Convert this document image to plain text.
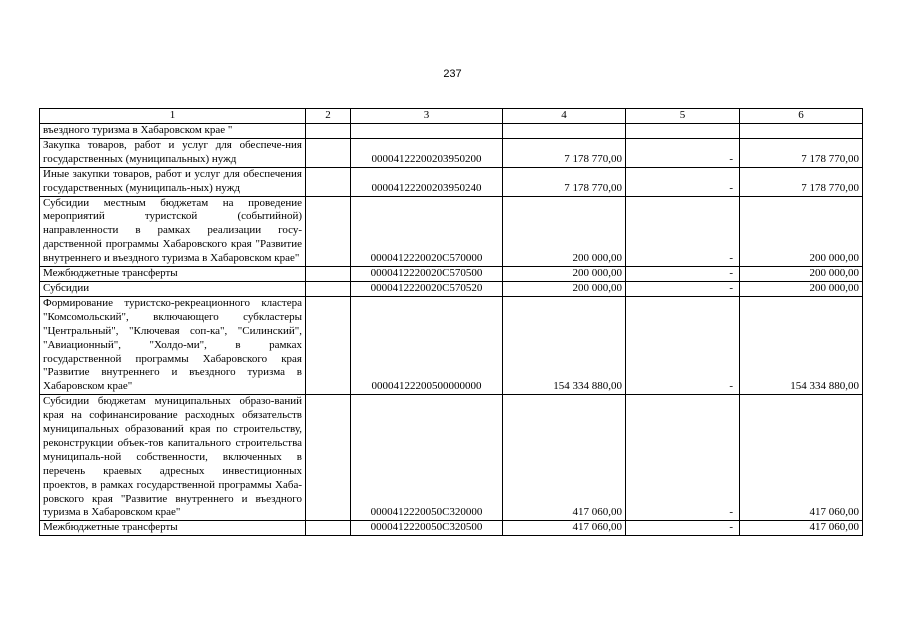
237
1	2	3	4	5	6
въездного туризма в Хабаровском крае "					
Закупка товаров, работ и услуг для обеспече-ния государственных (муниципальных) нужд		00004122200203950200	7 178 770,00	-	7 178 770,00
Иные закупки товаров, работ и услуг для обеспечения государственных (муниципаль-ных) нужд		00004122200203950240	7 178 770,00	-	7 178 770,00
Субсидии местным бюджетам на проведение мероприятий туристской (событийной) направленности в рамках реализации госу-дарственной программы Хабаровского края "Развитие внутреннего и въездного туризма в Хабаровском крае"		0000412220020C570000	200 000,00	-	200 000,00
Межбюджетные трансферты		0000412220020C570500	200 000,00	-	200 000,00
Субсидии		0000412220020C570520	200 000,00	-	200 000,00
Формирование туристско-рекреационного кластера "Комсомольский", включающего субкластеры "Центральный", "Ключевая соп-ка", "Силинский", "Авиационный", "Холдо-ми", в рамках государственной программы Хабаровского края "Развитие внутреннего и въездного туризма в Хабаровском крае"		00004122200500000000	154 334 880,00	-	154 334 880,00
Субсидии бюджетам муниципальных образо-ваний края на софинансирование расходных обязательств муниципальных образований края по строительству, реконструкции объек-тов капитального строительства муниципаль-ной собственности, включенных в перечень краевых адресных инвестиционных проектов, в рамках государственной программы Хаба-ровского края "Развитие внутреннего и въездного туризма в Хабаровском крае"		0000412220050C320000	417 060,00	-	417 060,00
Межбюджетные трансферты		0000412220050C320500	417 060,00	-	417 060,00
